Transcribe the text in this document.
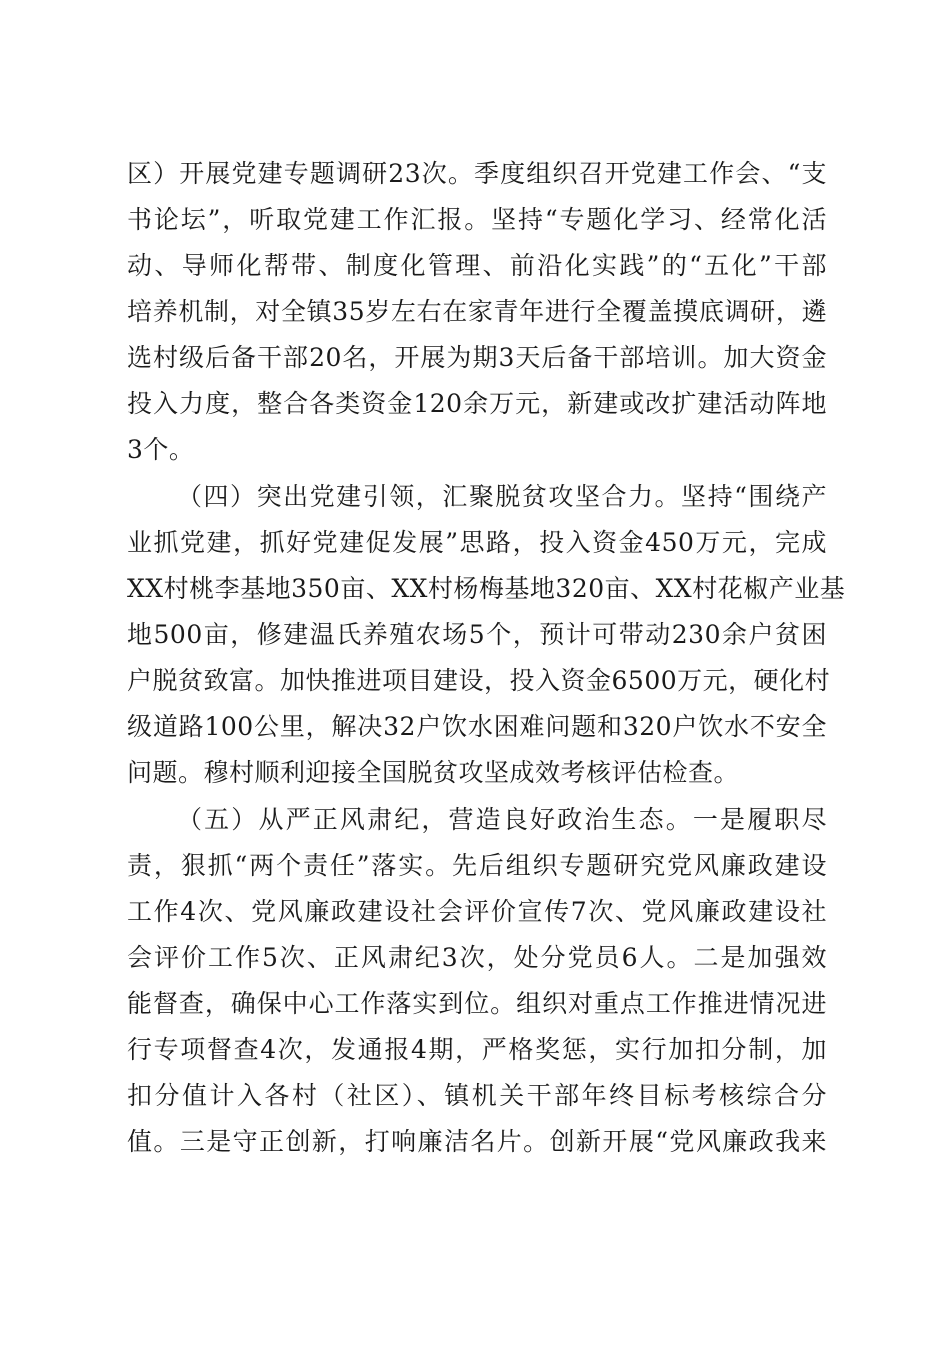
区）开展党建专题调研23次。季度组织召开党建工作会、“支
书论坛”，听取党建工作汇报。坚持“专题化学习、经常化活
动、导师化帮带、制度化管理、前沿化实践”的“五化”干部
培养机制，对全镇35岁左右在家青年进行全覆盖摸底调研，遴
选村级后备干部20名，开展为期3天后备干部培训。加大资金
投入力度，整合各类资金120余万元，新建或改扩建活动阵地
3个。
（四）突出党建引领，汇聚脱贫攻坚合力。坚持“围绕产
业抓党建，抓好党建促发展”思路，投入资金450万元，完成
XX村桃李基地350亩、XX村杨梅基地320亩、XX村花椒产业基
地500亩，修建温氏养殖农场5个，预计可带动230余户贫困
户脱贫致富。加快推进项目建设，投入资金6500万元，硬化村
级道路100公里，解决32户饮水困难问题和320户饮水不安全
问题。穆村顺利迎接全国脱贫攻坚成效考核评估检查。
（五）从严正风肃纪，营造良好政治生态。一是履职尽
责，狠抓“两个责任”落实。先后组织专题研究党风廉政建设
工作4次、党风廉政建设社会评价宣传7次、党风廉政建设社
会评价工作5次、正风肃纪3次，处分党员6人。二是加强效
能督查，确保中心工作落实到位。组织对重点工作推进情况进
行专项督查4次，发通报4期，严格奖惩，实行加扣分制，加
扣分值计入各村（社区）、镇机关干部年终目标考核综合分
值。三是守正创新，打响廉洁名片。创新开展“党风廉政我来
